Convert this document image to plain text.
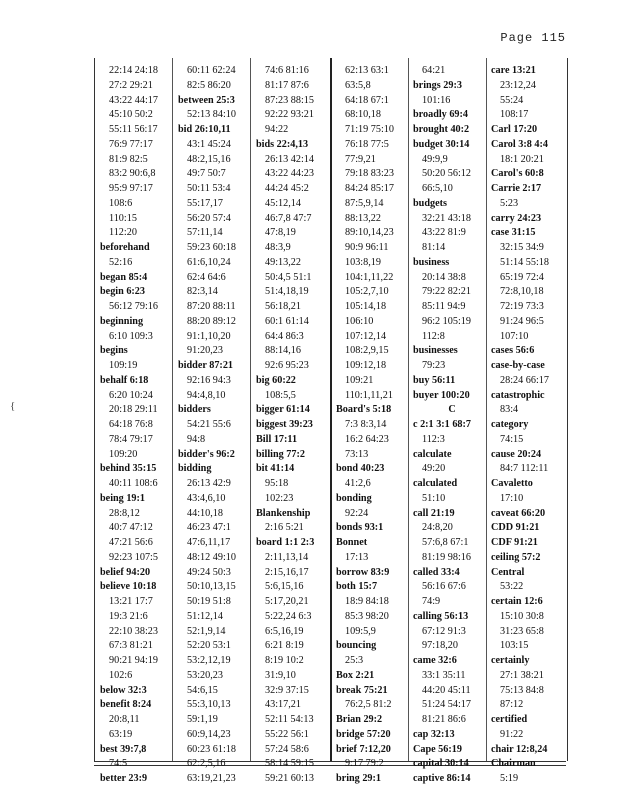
Page 115
{
22:14 24:18
27:2 29:21
43:22 44:17
45:10 50:2
55:11 56:17
76:9 77:17
81:9 82:5
83:2 90:6,8
95:9 97:17
108:6
110:15
112:20
beforehand
52:16
began 85:4
begin 6:23
56:12 79:16
beginning
6:10 109:3
begins
109:19
behalf 6:18
6:20 10:24
20:18 29:11
64:18 76:8
78:4 79:17
109:20
behind 35:15
40:11 108:6
being 19:1
28:8,12
40:7 47:12
47:21 56:6
92:23 107:5
belief 94:20
believe 10:18
13:21 17:7
19:3 21:6
22:10 38:23
67:3 81:21
90:21 94:19
102:6
below 32:3
benefit 8:24
20:8,11
63:19
best 39:7,8
74:5
better 23:9
60:11 62:24
82:5 86:20
between 25:3
52:13 84:10
bid 26:10,11
43:1 45:24
48:2,15,16
49:7 50:7
50:11 53:4
55:17,17
56:20 57:4
57:11,14
59:23 60:18
61:6,10,24
62:4 64:6
82:3,14
87:20 88:11
88:20 89:12
91:1,10,20
91:20,23
bidder 87:21
92:16 94:3
94:4,8,10
bidders
54:21 55:6
94:8
bidder's 96:2
bidding
26:13 42:9
43:4,6,10
44:10,18
46:23 47:1
47:6,11,17
48:12 49:10
49:24 50:3
50:10,13,15
50:19 51:8
51:12,14
52:1,9,14
52:20 53:1
53:2,12,19
53:20,23
54:6,15
55:3,10,13
59:1,19
60:9,14,23
60:23 61:18
62:2,5,16
63:19,21,23
74:6 81:16
81:17 87:6
87:23 88:15
92:22 93:21
94:22
bids 22:4,13
26:13 42:14
43:22 44:23
44:24 45:2
45:12,14
46:7,8 47:7
47:8,19
48:3,9
49:13,22
50:4,5 51:1
51:4,18,19
56:18,21
60:1 61:14
64:4 86:3
88:14,16
92:6 95:23
big 60:22
108:5,5
bigger 61:14
biggest 39:23
Bill 17:11
billing 77:2
bit 41:14
95:18
102:23
Blankenship
2:16 5:21
board 1:1 2:3
2:11,13,14
2:15,16,17
5:6,15,16
5:17,20,21
5:22,24 6:3
6:5,16,19
6:21 8:19
8:19 10:2
31:9,10
32:9 37:15
43:17,21
52:11 54:13
55:22 56:1
57:24 58:6
58:14 59:15
59:21 60:13
62:13 63:1
63:5,8
64:18 67:1
68:10,18
71:19 75:10
76:18 77:5
77:9,21
79:18 83:23
84:24 85:17
87:5,9,14
88:13,22
89:10,14,23
90:9 96:11
103:8,19
104:1,11,22
105:2,7,10
105:14,18
106:10
107:12,14
108:2,9,15
109:12,18
109:21
110:1,11,21
Board's 5:18
7:3 8:3,14
16:2 64:23
73:13
bond 40:23
41:2,6
bonding
92:24
bonds 93:1
Bonnet
17:13
borrow 83:9
both 15:7
18:9 84:18
85:3 98:20
109:5,9
bouncing
25:3
Box 2:21
break 75:21
76:2,5 81:2
Brian 29:2
bridge 57:20
brief 7:12,20
9:17 79:2
bring 29:1
64:21
brings 29:3
101:16
broadly 69:4
brought 40:2
budget 30:14
49:9,9
50:20 56:12
66:5,10
budgets
32:21 43:18
43:22 81:9
81:14
business
20:14 38:8
79:22 82:21
85:11 94:9
96:2 105:19
112:8
businesses
79:23
buy 56:11
buyer 100:20
C
c 2:1 3:1 68:7
112:3
calculate
49:20
calculated
51:10
call 21:19
24:8,20
57:6,8 67:1
81:19 98:16
called 33:4
56:16 67:6
74:9
calling 56:13
67:12 91:3
97:18,20
came 32:6
33:1 35:11
44:20 45:11
51:24 54:17
81:21 86:6
cap 32:13
Cape 56:19
capital 30:14
captive 86:14
care 13:21
23:12,24
55:24
108:17
Carl 17:20
Carol 3:8 4:4
18:1 20:21
Carol's 60:8
Carrie 2:17
5:23
carry 24:23
case 31:15
32:15 34:9
51:14 55:18
65:19 72:4
72:8,10,18
72:19 73:3
91:24 96:5
107:10
cases 56:6
case-by-case
28:24 66:17
catastrophic
83:4
category
74:15
cause 20:24
84:7 112:11
Cavaletto
17:10
caveat 66:20
CDD 91:21
CDF 91:21
ceiling 57:2
Central
53:22
certain 12:6
15:10 30:8
31:23 65:8
103:15
certainly
27:1 38:21
75:13 84:8
87:12
certified
91:22
chair 12:8,24
Chairman
5:19
